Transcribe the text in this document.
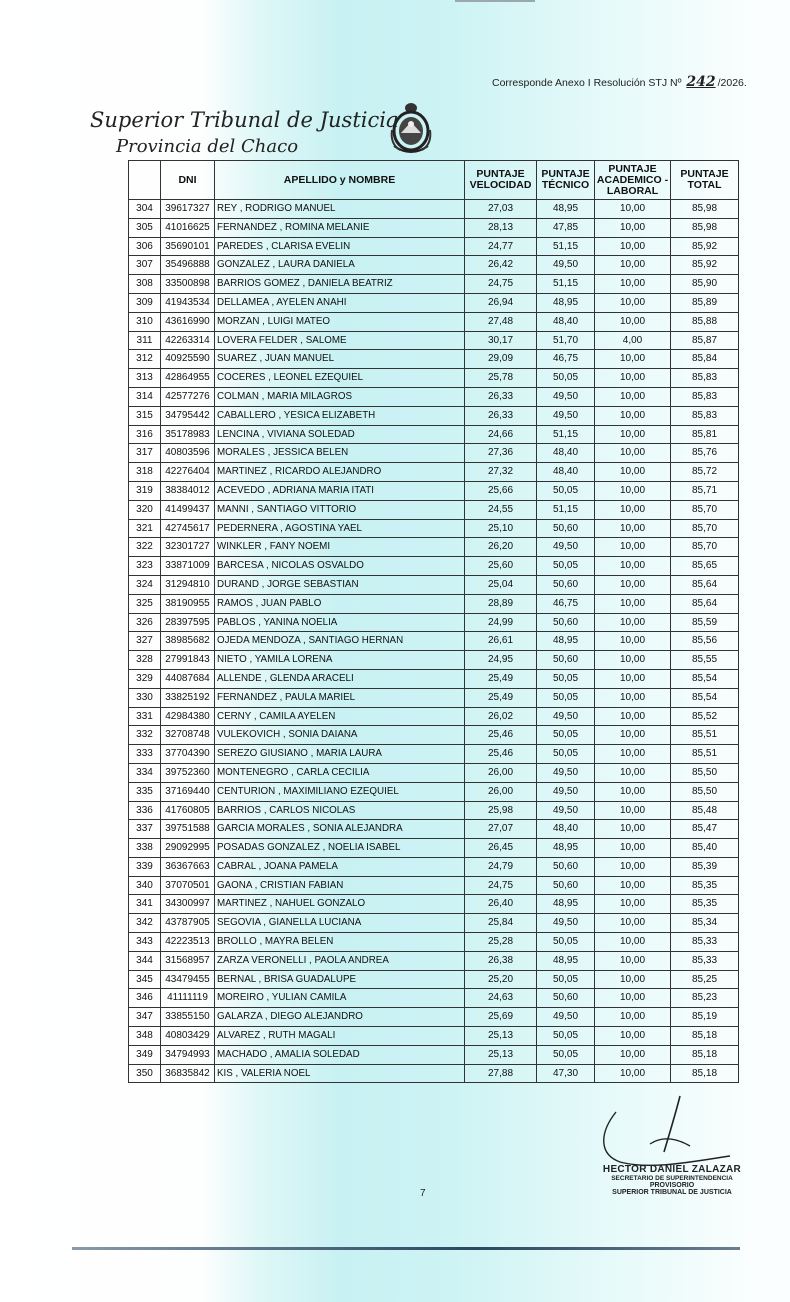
Corresponde Anexo I Resolución STJ Nº 242 /2026.
Superior Tribunal de Justicia
Provincia del Chaco
	DNI	APELLIDO y NOMBRE	PUNTAJE VELOCIDAD	PUNTAJE TÉCNICO	PUNTAJE ACADEMICO - LABORAL	PUNTAJE TOTAL
304	39617327	REY , RODRIGO MANUEL	27,03	48,95	10,00	85,98
305	41016625	FERNANDEZ , ROMINA MELANIE	28,13	47,85	10,00	85,98
306	35690101	PAREDES , CLARISA EVELIN	24,77	51,15	10,00	85,92
307	35496888	GONZALEZ , LAURA DANIELA	26,42	49,50	10,00	85,92
308	33500898	BARRIOS GOMEZ , DANIELA BEATRIZ	24,75	51,15	10,00	85,90
309	41943534	DELLAMEA , AYELEN ANAHI	26,94	48,95	10,00	85,89
310	43616990	MORZAN , LUIGI MATEO	27,48	48,40	10,00	85,88
311	42263314	LOVERA FELDER , SALOME	30,17	51,70	4,00	85,87
312	40925590	SUAREZ , JUAN MANUEL	29,09	46,75	10,00	85,84
313	42864955	COCERES , LEONEL EZEQUIEL	25,78	50,05	10,00	85,83
314	42577276	COLMAN , MARIA MILAGROS	26,33	49,50	10,00	85,83
315	34795442	CABALLERO , YESICA ELIZABETH	26,33	49,50	10,00	85,83
316	35178983	LENCINA , VIVIANA SOLEDAD	24,66	51,15	10,00	85,81
317	40803596	MORALES , JESSICA BELEN	27,36	48,40	10,00	85,76
318	42276404	MARTINEZ , RICARDO ALEJANDRO	27,32	48,40	10,00	85,72
319	38384012	ACEVEDO , ADRIANA MARIA ITATI	25,66	50,05	10,00	85,71
320	41499437	MANNI , SANTIAGO VITTORIO	24,55	51,15	10,00	85,70
321	42745617	PEDERNERA , AGOSTINA YAEL	25,10	50,60	10,00	85,70
322	32301727	WINKLER , FANY NOEMI	26,20	49,50	10,00	85,70
323	33871009	BARCESA , NICOLAS OSVALDO	25,60	50,05	10,00	85,65
324	31294810	DURAND , JORGE SEBASTIAN	25,04	50,60	10,00	85,64
325	38190955	RAMOS , JUAN PABLO	28,89	46,75	10,00	85,64
326	28397595	PABLOS , YANINA NOELIA	24,99	50,60	10,00	85,59
327	38985682	OJEDA MENDOZA , SANTIAGO HERNAN	26,61	48,95	10,00	85,56
328	27991843	NIETO , YAMILA LORENA	24,95	50,60	10,00	85,55
329	44087684	ALLENDE , GLENDA ARACELI	25,49	50,05	10,00	85,54
330	33825192	FERNANDEZ , PAULA MARIEL	25,49	50,05	10,00	85,54
331	42984380	CERNY , CAMILA AYELEN	26,02	49,50	10,00	85,52
332	32708748	VULEKOVICH , SONIA DAIANA	25,46	50,05	10,00	85,51
333	37704390	SEREZO GIUSIANO , MARIA LAURA	25,46	50,05	10,00	85,51
334	39752360	MONTENEGRO , CARLA CECILIA	26,00	49,50	10,00	85,50
335	37169440	CENTURION , MAXIMILIANO EZEQUIEL	26,00	49,50	10,00	85,50
336	41760805	BARRIOS , CARLOS NICOLAS	25,98	49,50	10,00	85,48
337	39751588	GARCIA MORALES , SONIA ALEJANDRA	27,07	48,40	10,00	85,47
338	29092995	POSADAS GONZALEZ , NOELIA ISABEL	26,45	48,95	10,00	85,40
339	36367663	CABRAL , JOANA PAMELA	24,79	50,60	10,00	85,39
340	37070501	GAONA , CRISTIAN FABIAN	24,75	50,60	10,00	85,35
341	34300997	MARTINEZ , NAHUEL GONZALO	26,40	48,95	10,00	85,35
342	43787905	SEGOVIA , GIANELLA LUCIANA	25,84	49,50	10,00	85,34
343	42223513	BROLLO , MAYRA BELEN	25,28	50,05	10,00	85,33
344	31568957	ZARZA VERONELLI , PAOLA ANDREA	26,38	48,95	10,00	85,33
345	43479455	BERNAL , BRISA GUADALUPE	25,20	50,05	10,00	85,25
346	41111119	MOREIRO , YULIAN CAMILA	24,63	50,60	10,00	85,23
347	33855150	GALARZA , DIEGO ALEJANDRO	25,69	49,50	10,00	85,19
348	40803429	ALVAREZ , RUTH MAGALI	25,13	50,05	10,00	85,18
349	34794993	MACHADO , AMALIA SOLEDAD	25,13	50,05	10,00	85,18
350	36835842	KIS , VALERIA NOEL	27,88	47,30	10,00	85,18
HECTOR DANIEL ZALAZAR
SECRETARIO DE SUPERINTENDENCIA
PROVISORIO
SUPERIOR TRIBUNAL DE JUSTICIA
7
